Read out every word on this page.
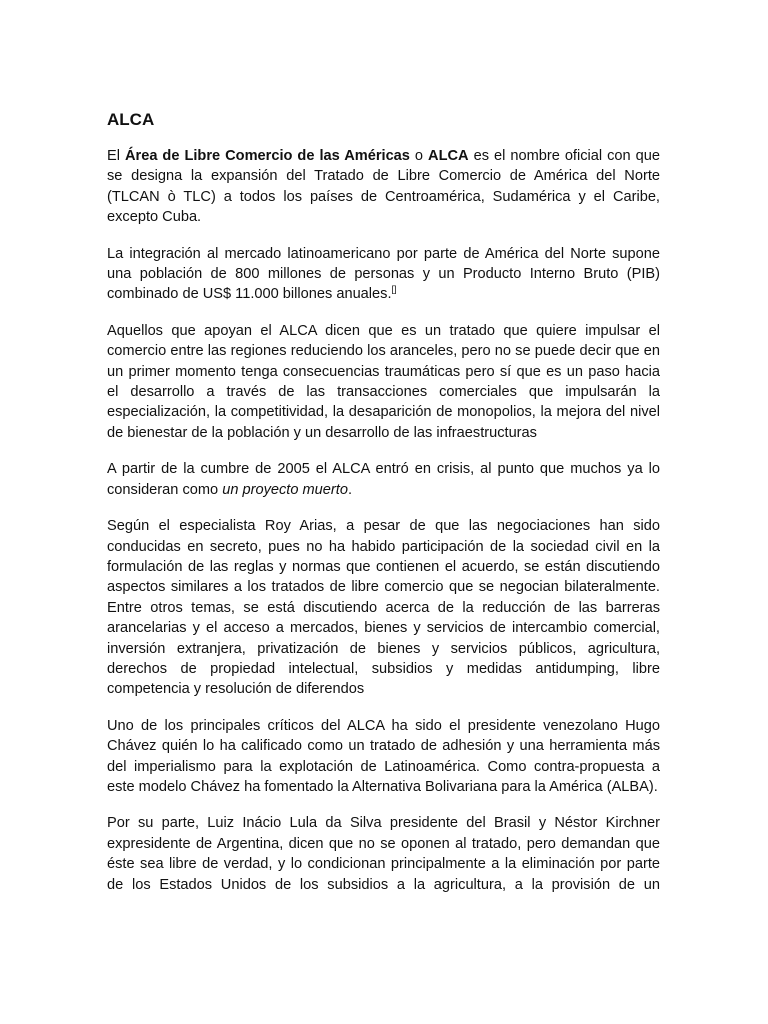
ALCA

El Área de Libre Comercio de las Américas o ALCA es el nombre oficial con que se designa la expansión del Tratado de Libre Comercio de América del Norte (TLCAN ò TLC) a todos los países de Centroamérica, Sudamérica y el Caribe, excepto Cuba.

La integración al mercado latinoamericano por parte de América del Norte supone una población de 800 millones de personas y un Producto Interno Bruto (PIB) combinado de US$ 11.000 billones anuales.[]

Aquellos que apoyan el ALCA dicen que es un tratado que quiere impulsar el comercio entre las regiones reduciendo los aranceles, pero no se puede decir que en un primer momento tenga consecuencias traumáticas pero sí que es un paso hacia el desarrollo a través de las transacciones comerciales que impulsarán la especialización, la competitividad, la desaparición de monopolios, la mejora del nivel de bienestar de la población y un desarrollo de las infraestructuras

A partir de la cumbre de 2005 el ALCA entró en crisis, al punto que muchos ya lo consideran como un proyecto muerto.

Según el especialista Roy Arias, a pesar de que las negociaciones han sido conducidas en secreto, pues no ha habido participación de la sociedad civil en la formulación de las reglas y normas que contienen el acuerdo, se están discutiendo aspectos similares a los tratados de libre comercio que se negocian bilateralmente. Entre otros temas, se está discutiendo acerca de la reducción de las barreras arancelarias y el acceso a mercados, bienes y servicios de intercambio comercial, inversión extranjera, privatización de bienes y servicios públicos, agricultura, derechos de propiedad intelectual, subsidios y medidas antidumping, libre competencia y resolución de diferendos

Uno de los principales críticos del ALCA ha sido el presidente venezolano Hugo Chávez quién lo ha calificado como un tratado de adhesión y una herramienta más del imperialismo para la explotación de Latinoamérica. Como contra-propuesta a este modelo Chávez ha fomentado la Alternativa Bolivariana para la América (ALBA).

Por su parte, Luiz Inácio Lula da Silva presidente del Brasil y Néstor Kirchner expresidente de Argentina, dicen que no se oponen al tratado, pero demandan que éste sea libre de verdad, y lo condicionan principalmente a la eliminación por parte de los Estados Unidos de los subsidios a la agricultura, a la provisión de un
